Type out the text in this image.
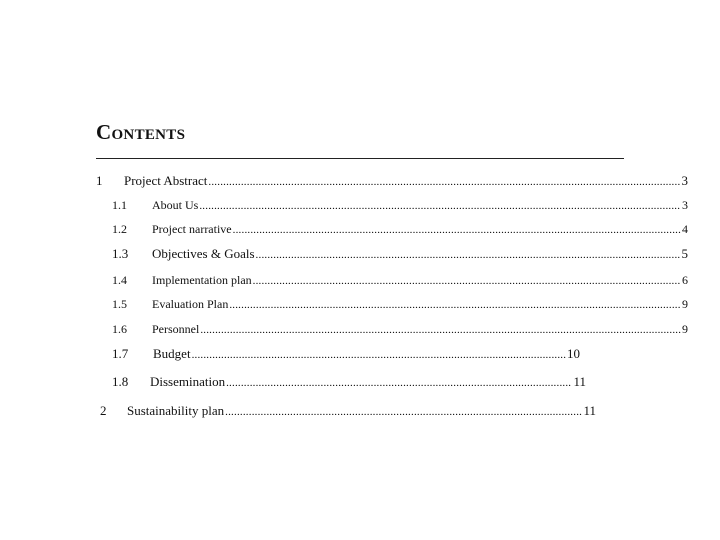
CONTENTS
1 Project Abstract .....	3
1.1 About Us .....	3
1.2 Project narrative .....	4
1.3 Objectives & Goals .....	5
1.4 Implementation plan .....	6
1.5 Evaluation Plan .....	9
1.6 Personnel .....	9
1.7 Budget .....	10
1.8 Dissemination .....	11
2 Sustainability plan .....	11
